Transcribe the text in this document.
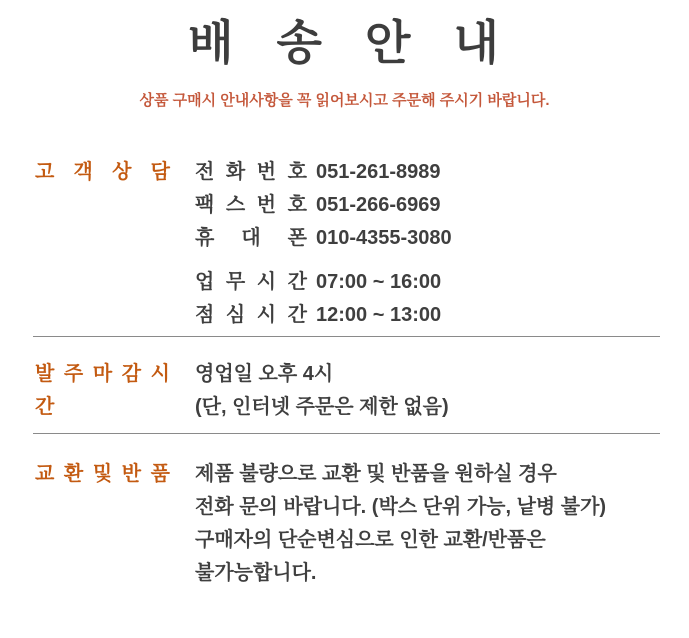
배 송 안 내
상품 구매시 안내사항을 꼭 읽어보시고 주문해 주시기 바랍니다.
고 객 상 담 전 화 번 호 051-261-8989
팩 스 번 호 051-266-6969
휴 대 폰 010-4355-3080
업 무 시 간 07:00 ~ 16:00
점 심 시 간 12:00 ~ 13:00
발 주 마 감 시 간
영업일 오후 4시
(단, 인터넷 주문은 제한 없음)
교 환 및 반 품 제품 불량으로 교환 및 반품을 원하실 경우
전화 문의 바랍니다. (박스 단위 가능, 낱병 불가)
구매자의 단순변심으로 인한 교환/반품은
불가능합니다.
